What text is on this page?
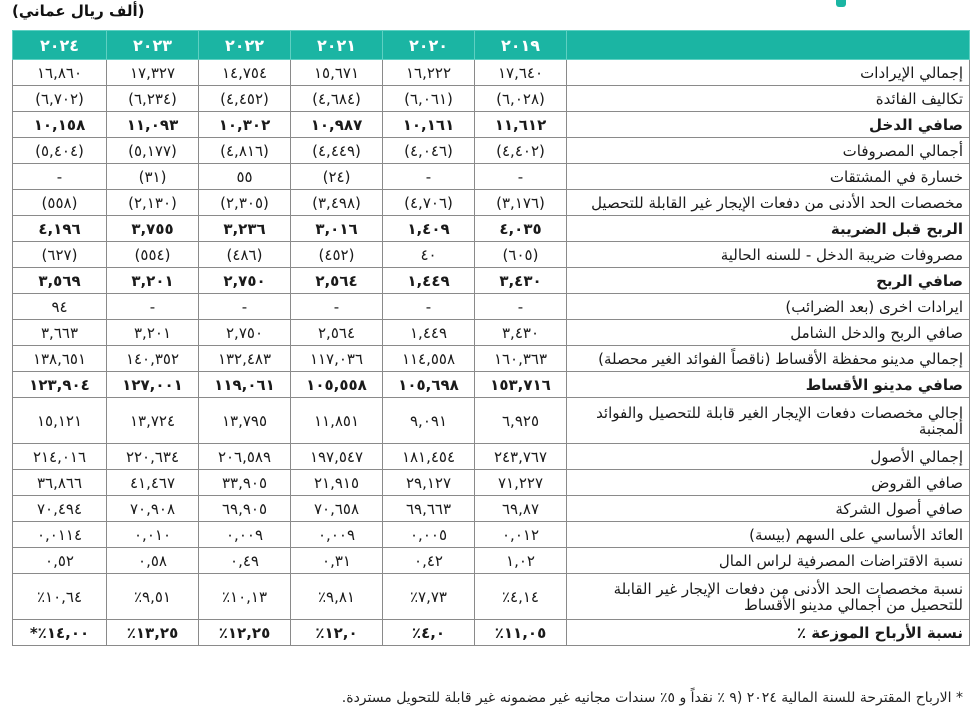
(ألف ريال عماني)
	٢٠١٩	٢٠٢٠	٢٠٢١	٢٠٢٢	٢٠٢٣	٢٠٢٤
إجمالي الإيرادات	١٧,٦٤٠	١٦,٢٢٢	١٥,٦٧١	١٤,٧٥٤	١٧,٣٢٧	١٦,٨٦٠
تكاليف الفائدة	(٦,٠٢٨)	(٦,٠٦١)	(٤,٦٨٤)	(٤,٤٥٢)	(٦,٢٣٤)	(٦,٧٠٢)
صافي الدخل	١١,٦١٢	١٠,١٦١	١٠,٩٨٧	١٠,٣٠٢	١١,٠٩٣	١٠,١٥٨
أجمالي المصروفات	(٤,٤٠٢)	(٤,٠٤٦)	(٤,٤٤٩)	(٤,٨١٦)	(٥,١٧٧)	(٥,٤٠٤)
خسارة في المشتقات	-	-	(٢٤)	٥٥	(٣١)	-
مخصصات الحد الأدنى من دفعات الإيجار غير القابلة للتحصيل	(٣,١٧٦)	(٤,٧٠٦)	(٣,٤٩٨)	(٢,٣٠٥)	(٢,١٣٠)	(٥٥٨)
الربح قبل الضريبة	٤,٠٣٥	١,٤٠٩	٣,٠١٦	٣,٢٣٦	٣,٧٥٥	٤,١٩٦
مصروفات ضريبة الدخل - للسنه الحالية	(٦٠٥)	٤٠	(٤٥٢)	(٤٨٦)	(٥٥٤)	(٦٢٧)
صافي الربح	٣,٤٣٠	١,٤٤٩	٢,٥٦٤	٢,٧٥٠	٣,٢٠١	٣,٥٦٩
ايرادات اخرى (بعد الضرائب)	-	-	-	-	-	٩٤
صافي الربح والدخل الشامل	٣,٤٣٠	١,٤٤٩	٢,٥٦٤	٢,٧٥٠	٣,٢٠١	٣,٦٦٣
إجمالي مدينو محفظة الأقساط (ناقصاً الفوائد الغير محصلة)	١٦٠,٣٦٣	١١٤,٥٥٨	١١٧,٠٣٦	١٣٢,٤٨٣	١٤٠,٣٥٢	١٣٨,٦٥١
صافي مدينو الأقساط	١٥٣,٧١٦	١٠٥,٦٩٨	١٠٥,٥٥٨	١١٩,٠٦١	١٢٧,٠٠١	١٢٣,٩٠٤
إجالي مخصصات دفعات الإيجار الغير قابلة للتحصيل والفوائد المجنبة	٦,٩٢٥	٩,٠٩١	١١,٨٥١	١٣,٧٩٥	١٣,٧٢٤	١٥,١٢١
إجمالي الأصول	٢٤٣,٧٦٧	١٨١,٤٥٤	١٩٧,٥٤٧	٢٠٦,٥٨٩	٢٢٠,٦٣٤	٢١٤,٠١٦
صافي القروض	٧١,٢٢٧	٢٩,١٢٧	٢١,٩١٥	٣٣,٩٠٥	٤١,٤٦٧	٣٦,٨٦٦
صافي أصول الشركة	٦٩,٨٧	٦٩,٦٦٣	٧٠,٦٥٨	٦٩,٩٠٥	٧٠,٩٠٨	٧٠,٤٩٤
العائد الأساسي على السهم (بيسة)	٠,٠١٢	٠,٠٠٥	٠,٠٠٩	٠,٠٠٩	٠,٠١٠	٠,٠١١٤
نسبة الاقتراضات المصرفية لراس المال	١,٠٢	٠,٤٢	٠,٣١	٠,٤٩	٠,٥٨	٠,٥٢
نسبة مخصصات الحد الأدنى من دفعات الإيجار غير القابلة للتحصيل من أجمالي مدينو الأقساط	٤,١٤٪	٧,٧٣٪	٩,٨١٪	١٠,١٣٪	٩,٥١٪	١٠,٦٤٪
نسبة الأرباح الموزعة ٪	١١,٠٥٪	٤,٠٪	١٢,٠٪	١٢,٢٥٪	١٣,٢٥٪	١٤,٠٠٪*
* الارباح المقترحة للسنة المالية ٢٠٢٤ (٩ ٪ نقداً و ٥٪ سندات مجانيه غير مضمونه غير قابلة للتحويل مستردة.
